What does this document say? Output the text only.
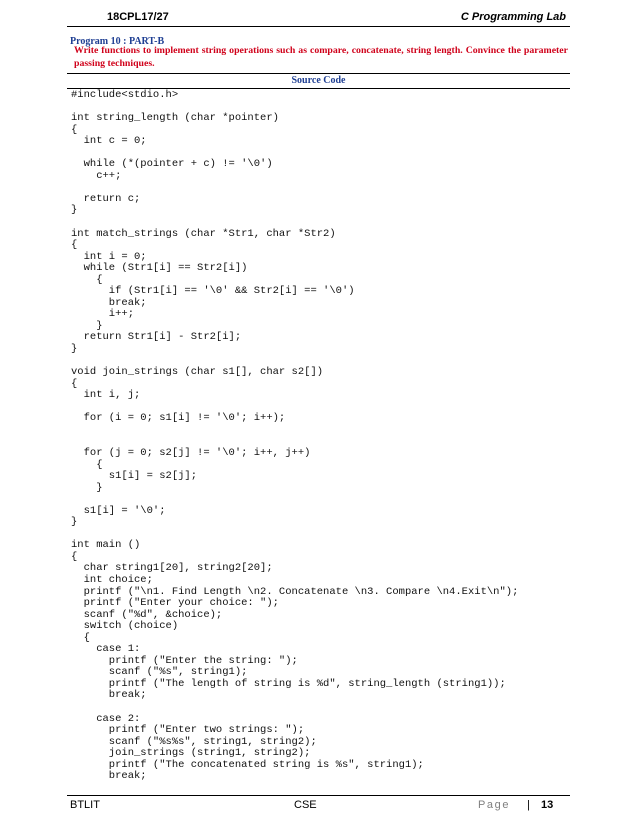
18CPL17/27	C Programming Lab
Program 10 : PART-B
Write functions to implement string operations such as compare, concatenate, string length. Convince the parameter passing techniques.
Source Code
#include<stdio.h>
int string_length (char *pointer)
{
int c = 0;
while (*(pointer + c) != '\0')
c++;
return c;
}
int match_strings (char *Str1, char *Str2)
{
int i = 0;
while (Str1[i] == Str2[i])
{
if (Str1[i] == '\0' && Str2[i] == '\0')
break;
i++;
}
return Str1[i] - Str2[i];
}
void join_strings (char s1[], char s2[])
{
int i, j;
for (i = 0; s1[i] != '\0'; i++);
for (j = 0; s2[j] != '\0'; i++, j++)
{
s1[i] = s2[j];
}
s1[i] = '\0';
}
int main ()
{
char string1[20], string2[20];
int choice;
printf ("\n1. Find Length \n2. Concatenate \n3. Compare \n4.Exit\n");
printf ("Enter your choice: ");
scanf ("%d", &choice);
switch (choice)
{
case 1:
printf ("Enter the string: ");
scanf ("%s", string1);
printf ("The length of string is %d", string_length (string1));
break;
case 2:
printf ("Enter two strings: ");
scanf ("%s%s", string1, string2);
join_strings (string1, string2);
printf ("The concatenated string is %s", string1);
break;
BTLIT	CSE	Page | 13
